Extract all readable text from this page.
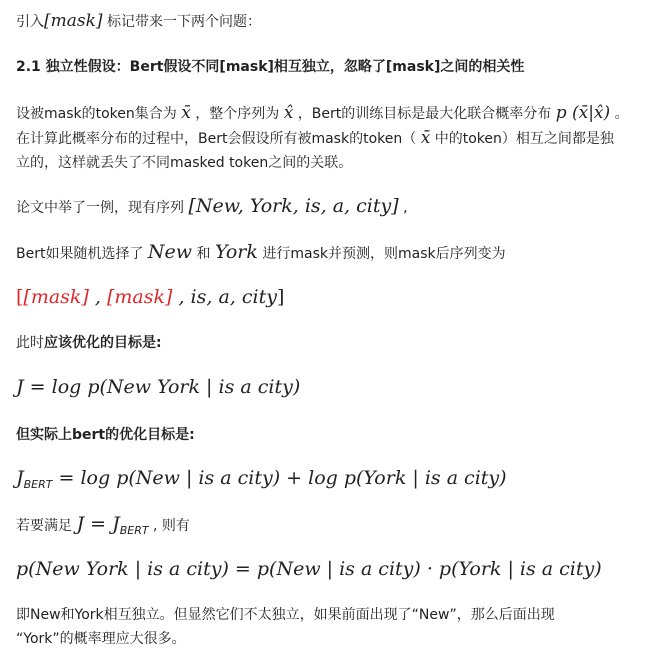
引入[mask] 标记带来一下两个问题：
2.1 独立性假设：Bert假设不同[mask]相互独立，忽略了[mask]之间的相关性
设被mask的token集合为 x̄ ，整个序列为 x̂ ，Bert的训练目标是最大化联合概率分布 p (x̄|x̂) 。
在计算此概率分布的过程中，Bert会假设所有被mask的token（ x̄ 中的token）相互之间都是独
立的，这样就丢失了不同masked token之间的关联。
论文中举了一例，现有序列 [New, York, is, a, city] ,
Bert如果随机选择了 New 和 York 进行mask并预测，则mask后序列变为
[[mask] , [mask] , is, a, city]
此时应该优化的目标是:
J = log p(New York | is a city)
但实际上bert的优化目标是:
$J_{BERT} = \log p(New$ | is a city) + log p(York | is a city)
若要满足 $J = J_{BERT}$ , 则有
p(New York | is a city) = p(New | is a city) · p(York | is a city)
即New和York相互独立。但显然它们不太独立，如果前面出现了“New”，那么后面出现
“York”的概率理应大很多。
